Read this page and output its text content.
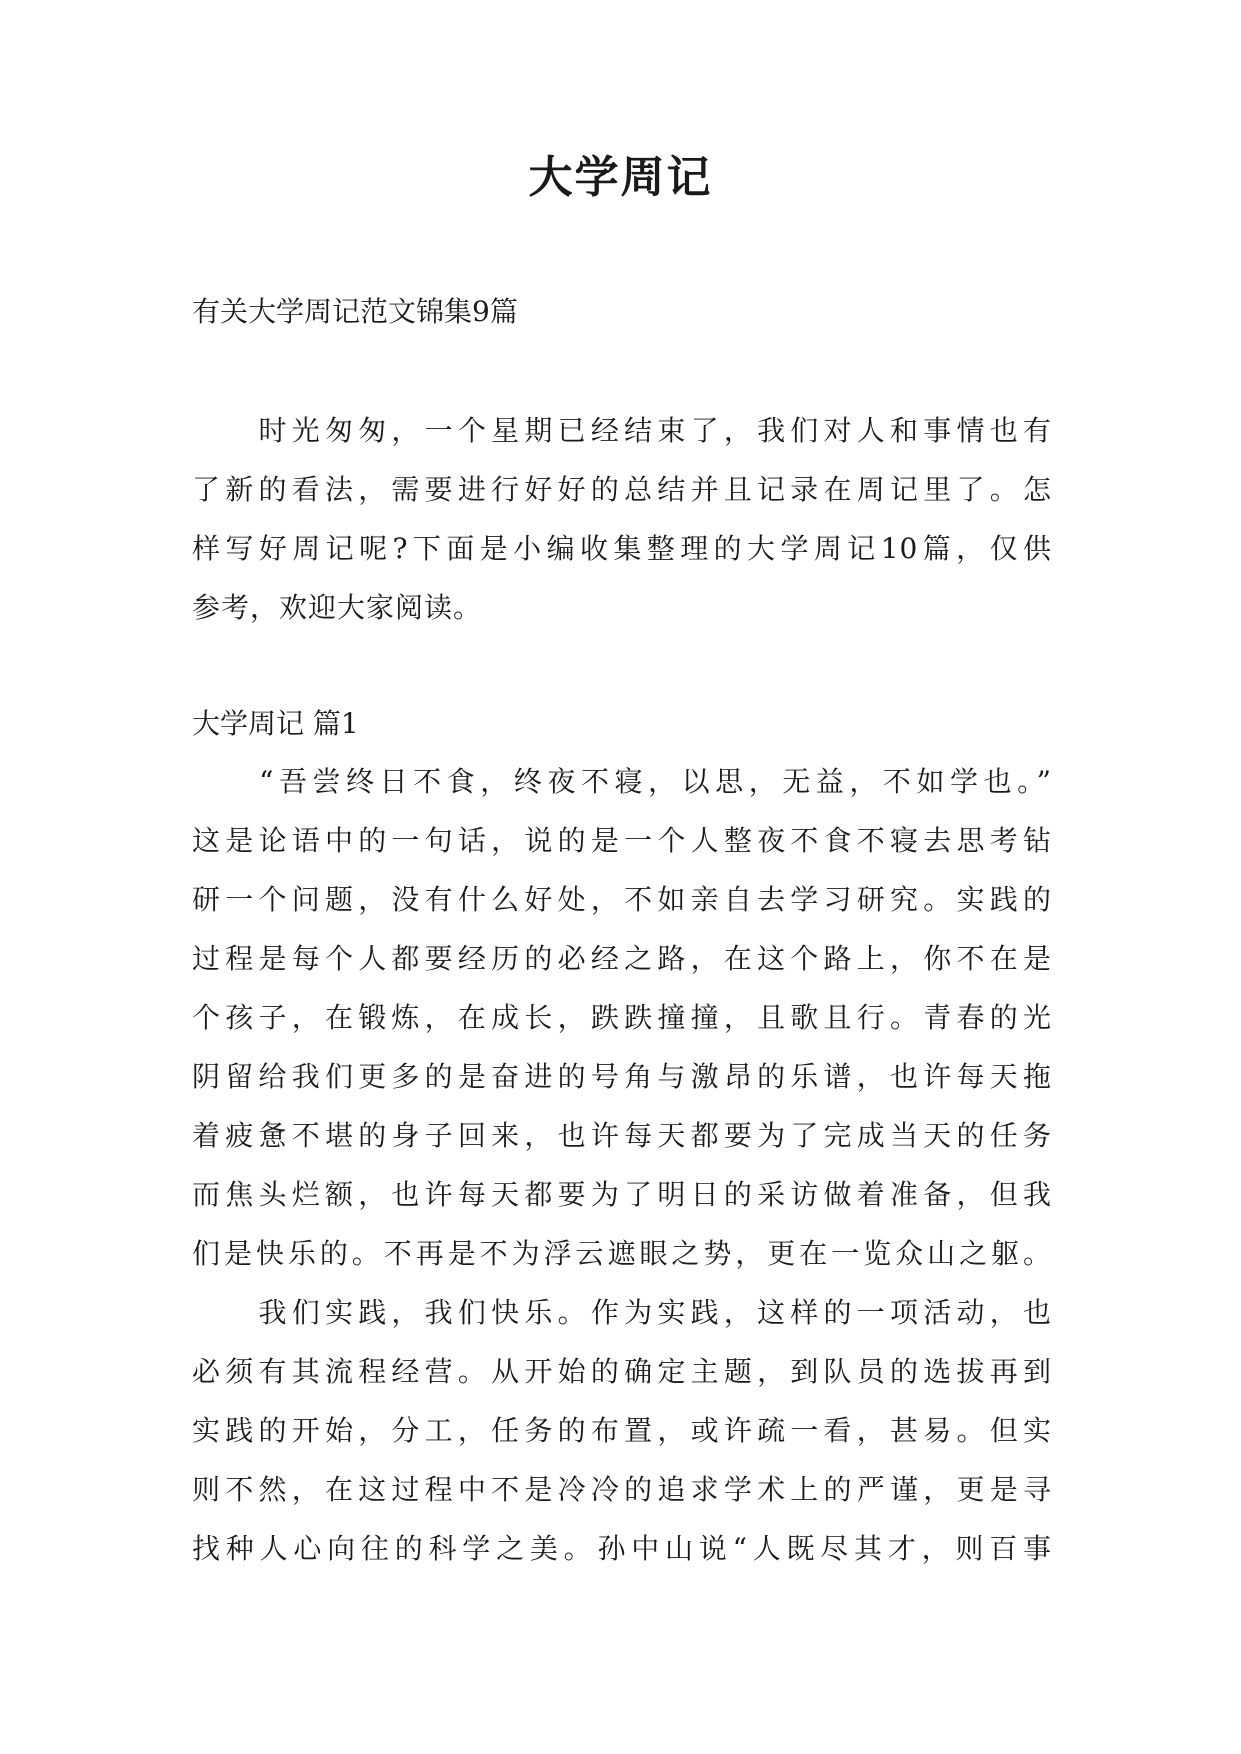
大学周记
有关大学周记范文锦集9篇
　　时光匆匆，一个星期已经结束了，我们对人和事情也有
了新的看法，需要进行好好的总结并且记录在周记里了。怎
样写好周记呢?下面是小编收集整理的大学周记10篇，仅供
参考，欢迎大家阅读。
大学周记 篇1
　　“吾尝终日不食，终夜不寝，以思，无益，不如学也。”
这是论语中的一句话，说的是一个人整夜不食不寝去思考钻
研一个问题，没有什么好处，不如亲自去学习研究。实践的
过程是每个人都要经历的必经之路，在这个路上，你不在是
个孩子，在锻炼，在成长，跌跌撞撞，且歌且行。青春的光
阴留给我们更多的是奋进的号角与激昂的乐谱，也许每天拖
着疲惫不堪的身子回来，也许每天都要为了完成当天的任务
而焦头烂额，也许每天都要为了明日的采访做着准备，但我
们是快乐的。不再是不为浮云遮眼之势，更在一览众山之躯。
　　我们实践，我们快乐。作为实践，这样的一项活动，也
必须有其流程经营。从开始的确定主题，到队员的选拔再到
实践的开始，分工，任务的布置，或许疏一看，甚易。但实
则不然，在这过程中不是冷冷的追求学术上的严谨，更是寻
找种人心向往的科学之美。孙中山说“人既尽其才，则百事
